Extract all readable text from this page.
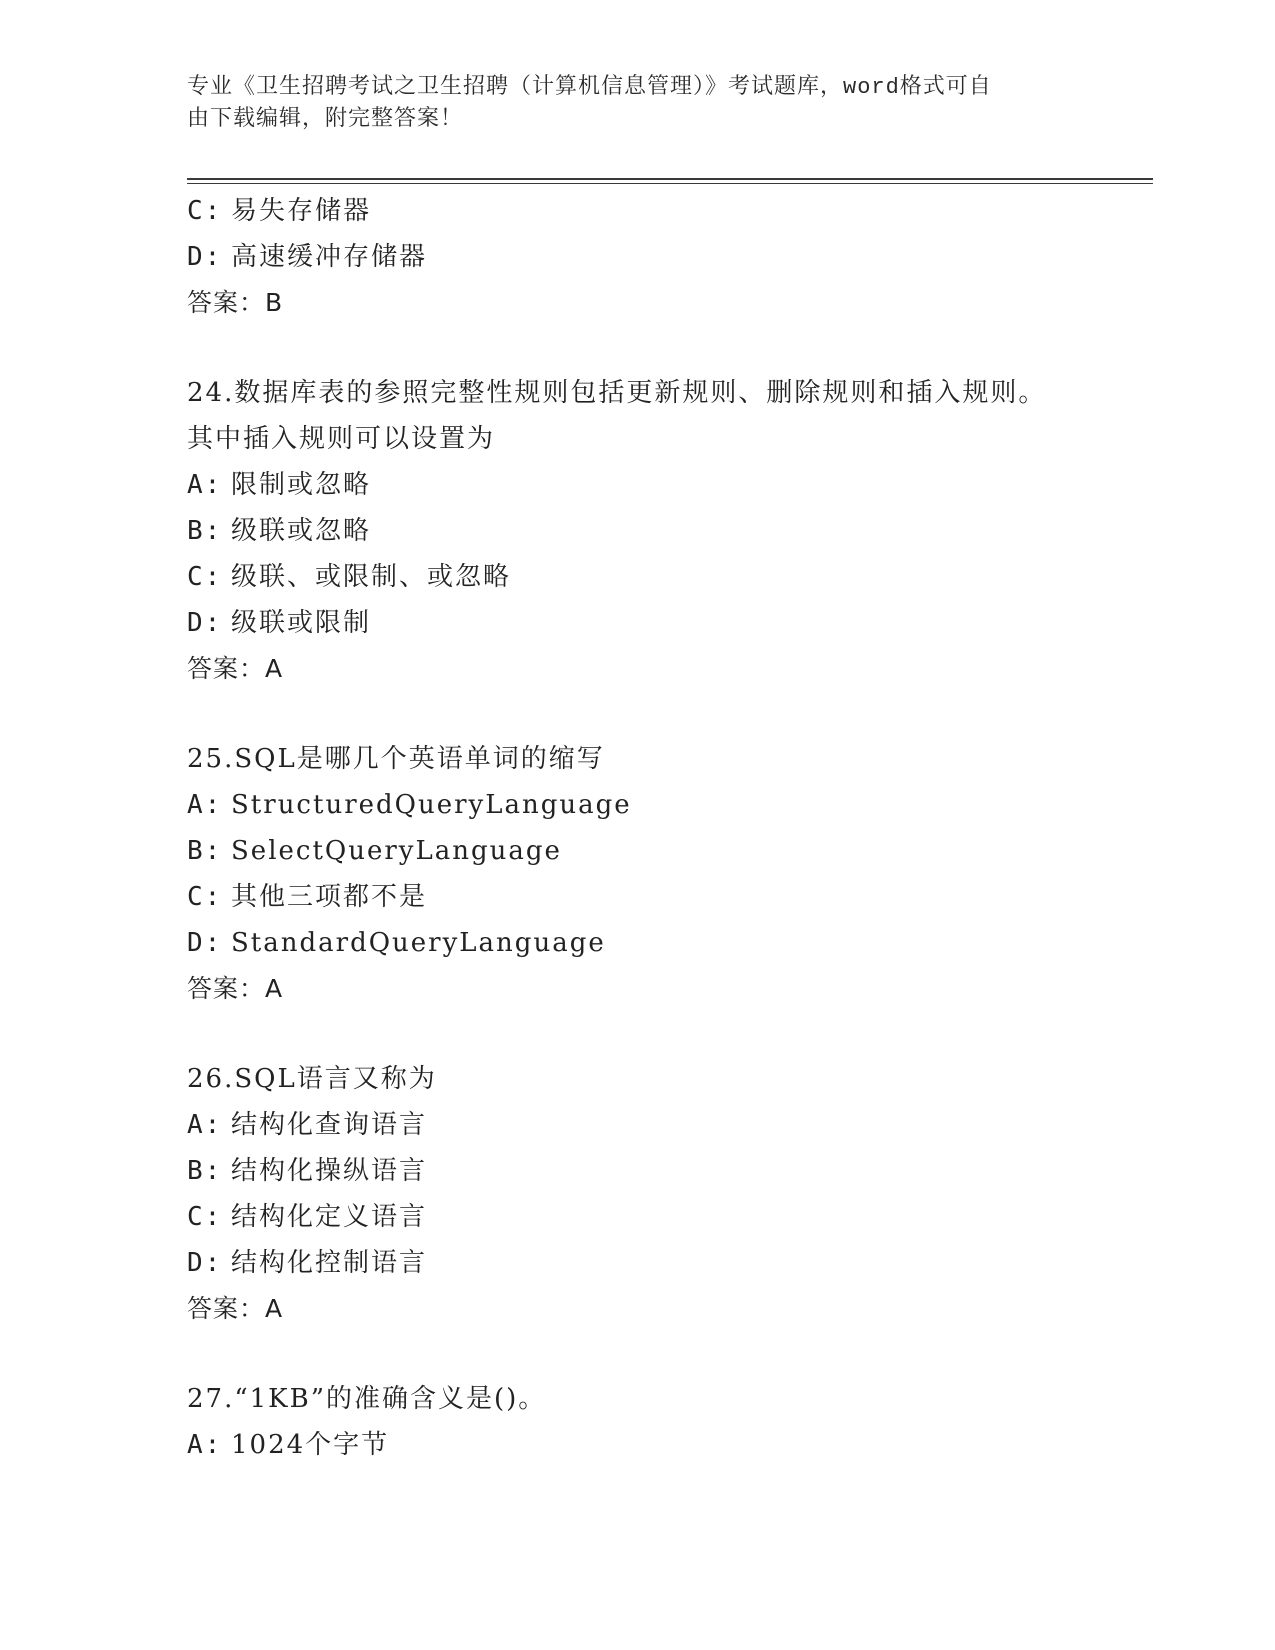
专业《卫生招聘考试之卫生招聘（计算机信息管理）》考试题库，word格式可自
由下载编辑，附完整答案！
C: 易失存储器
D: 高速缓冲存储器
答案：B
24.数据库表的参照完整性规则包括更新规则、删除规则和插入规则。
其中插入规则可以设置为
A: 限制或忽略
B: 级联或忽略
C: 级联、或限制、或忽略
D: 级联或限制
答案：A
25.SQL是哪几个英语单词的缩写
A: StructuredQueryLanguage
B: SelectQueryLanguage
C: 其他三项都不是
D: StandardQueryLanguage
答案：A
26.SQL语言又称为
A: 结构化查询语言
B: 结构化操纵语言
C: 结构化定义语言
D: 结构化控制语言
答案：A
27.“1KB”的准确含义是()。
A: 1024个字节
